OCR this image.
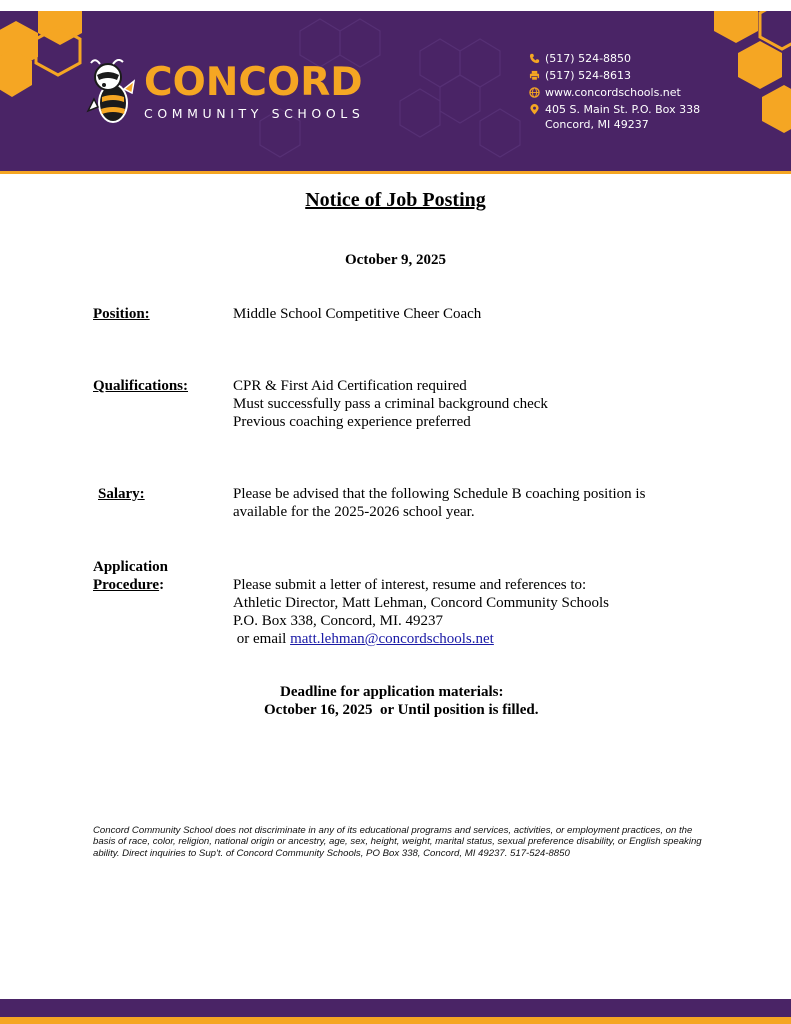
CONCORD
COMMUNITY SCHOOLS
(517) 524-8850
(517) 524-8613
www.concordschools.net
405 S. Main St. P.O. Box 338
Concord, MI 49237
Notice of Job Posting
October 9, 2025
Position:	Middle School Competitive Cheer Coach
Qualifications:	CPR & First Aid Certification required
Must successfully pass a criminal background check
Previous coaching experience preferred
Salary:	Please be advised that the following Schedule B coaching position is
available for the 2025-2026 school year.
Application
Procedure:	Please submit a letter of interest, resume and references to:
Athletic Director, Matt Lehman, Concord Community Schools
P.O. Box 338, Concord, MI. 49237
or email matt.lehman@concordschools.net
Deadline for application materials:
October 16, 2025  or Until position is filled.
Concord Community School does not discriminate in any of its educational programs and services, activities, or employment practices, on the basis of race, color, religion, national origin or ancestry, age, sex, height, weight, marital status, sexual preference disability, or English speaking ability. Direct inquiries to Sup't. of Concord Community Schools, PO Box 338, Concord, MI 49237. 517-524-8850
